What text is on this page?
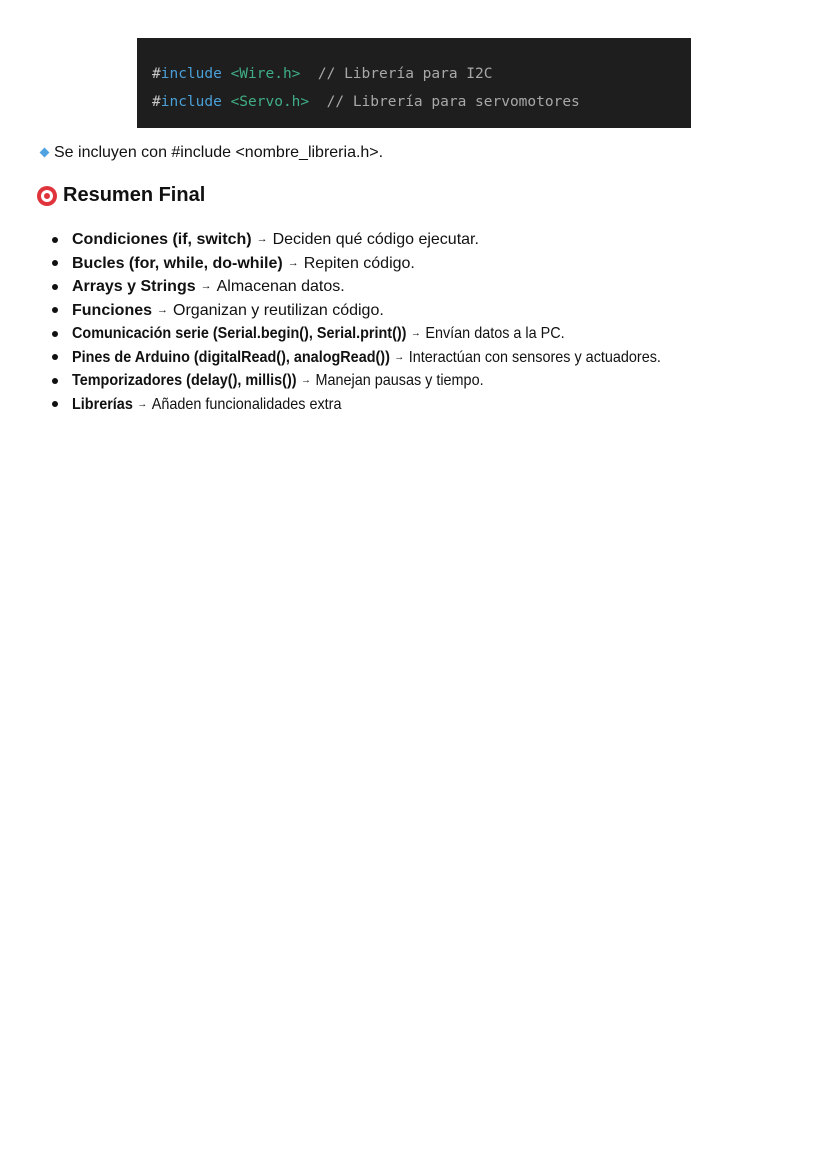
#include <Wire.h> // Librería para I2C
#include <Servo.h> // Librería para servomotores
Se incluyen con #include <nombre_libreria.h>.
Resumen Final
Condiciones (if, switch) → Deciden qué código ejecutar.
Bucles (for, while, do-while) → Repiten código.
Arrays y Strings → Almacenan datos.
Funciones → Organizan y reutilizan código.
Comunicación serie (Serial.begin(), Serial.print()) → Envían datos a la PC.
Pines de Arduino (digitalRead(), analogRead()) → Interactúan con sensores y actuadores.
Temporizadores (delay(), millis()) → Manejan pausas y tiempo.
Librerías → Añaden funcionalidades extra
